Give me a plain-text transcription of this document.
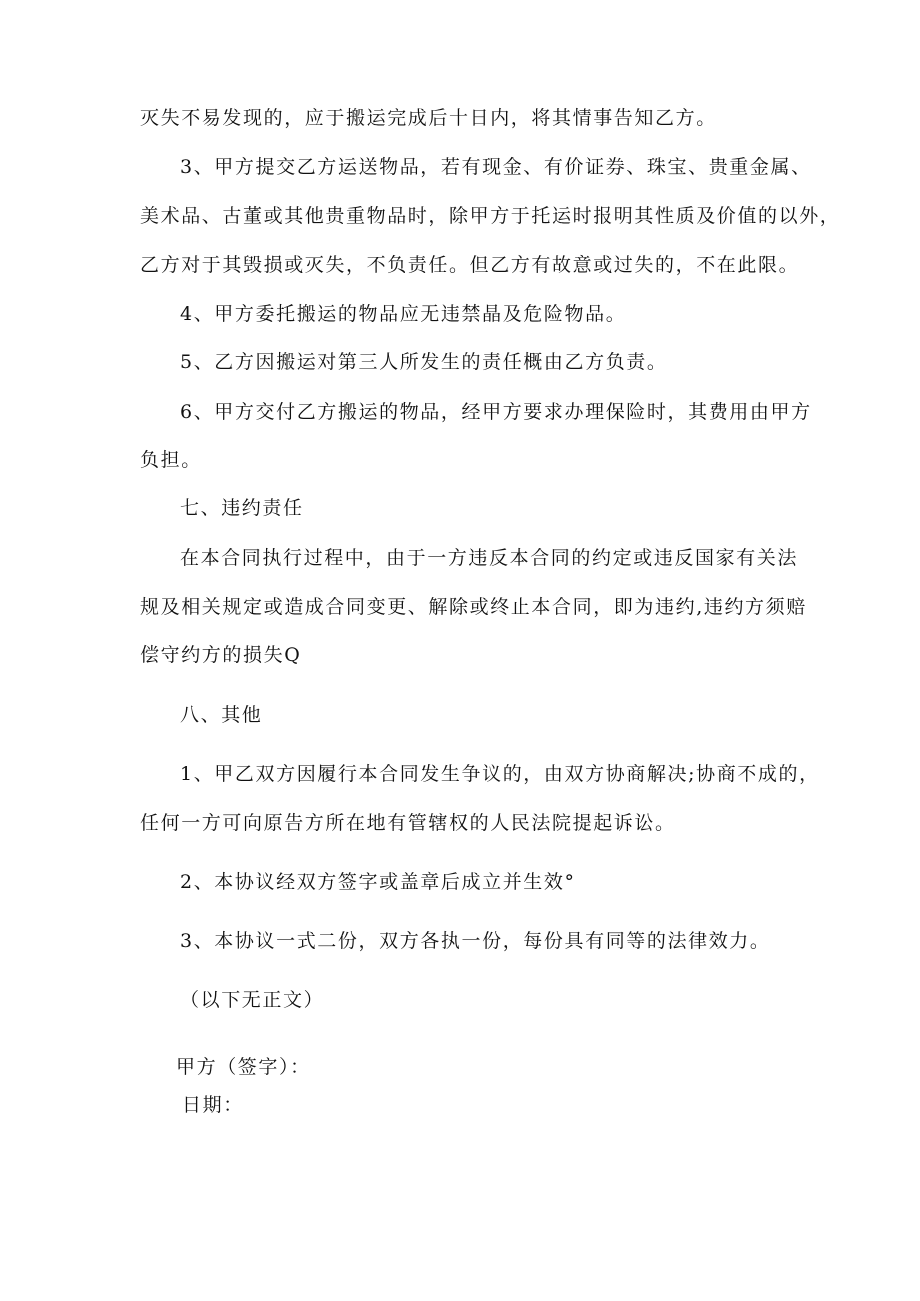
灭失不易发现的，应于搬运完成后十日内，将其情事告知乙方。
3、甲方提交乙方运送物品，若有现金、有价证券、珠宝、贵重金属、
美术品、古董或其他贵重物品时，除甲方于托运时报明其性质及价值的以外，
乙方对于其毁损或灭失，不负责任。但乙方有故意或过失的，不在此限。
4、甲方委托搬运的物品应无违禁晶及危险物品。
5、乙方因搬运对第三人所发生的责任概由乙方负责。
6、甲方交付乙方搬运的物品，经甲方要求办理保险时，其费用由甲方
负担。
七、违约责任
在本合同执行过程中，由于一方违反本合同的约定或违反国家有关法
规及相关规定或造成合同变更、解除或终止本合同，即为违约,违约方须赔
偿守约方的损失Q
八、其他
1、甲乙双方因履行本合同发生争议的，由双方协商解决;协商不成的，
任何一方可向原告方所在地有管辖权的人民法院提起诉讼。
2、本协议经双方签字或盖章后成立并生效°
3、本协议一式二份，双方各执一份，每份具有同等的法律效力。
（以下无正文）
甲方（签字）：
日期：
